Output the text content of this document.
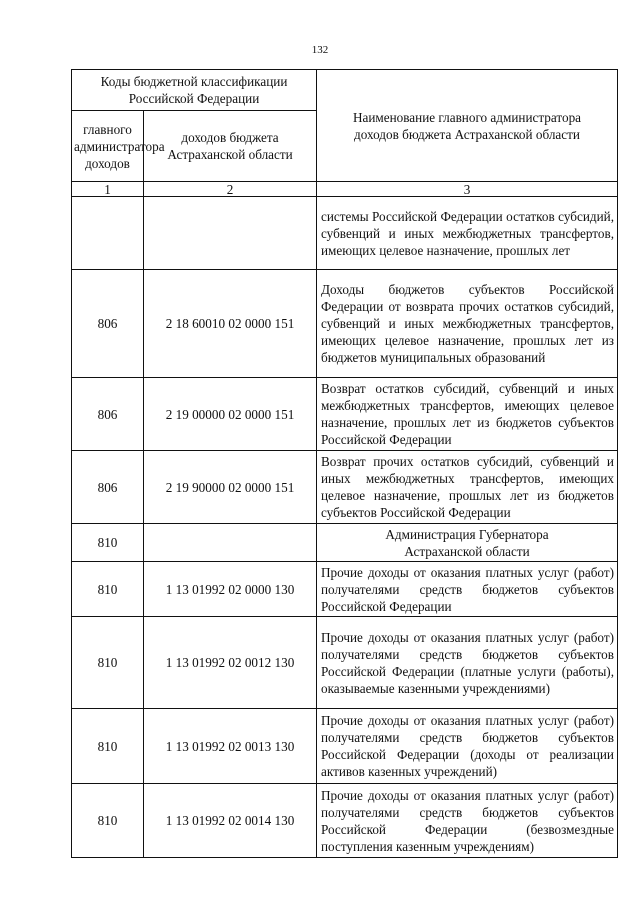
132
Коды бюджетной классификации Российской Федерации		Наименование главного администратора доходов бюджета Астраханской области
главного администратора доходов	доходов бюджета Астраханской области	
1	2	3
		системы Российской Федерации остатков субсидий, субвенций и иных межбюджетных трансфертов, имеющих целевое назначение, прошлых лет
806	2 18 60010 02 0000 151	Доходы бюджетов субъектов Российской Федерации от возврата прочих остатков субсидий, субвенций и иных межбюджетных трансфертов, имеющих целевое назначение, прошлых лет из бюджетов муниципальных образований
806	2 19 00000 02 0000 151	Возврат остатков субсидий, субвенций и иных межбюджетных трансфертов, имеющих целевое назначение, прошлых лет из бюджетов субъектов Российской Федерации
806	2 19 90000 02 0000 151	Возврат прочих остатков субсидий, субвенций и иных межбюджетных трансфертов, имеющих целевое назначение, прошлых лет из бюджетов субъектов Российской Федерации
810		Администрация Губернатора Астраханской области
810	1 13 01992 02 0000 130	Прочие доходы от оказания платных услуг (работ) получателями средств бюджетов субъектов Российской Федерации
810	1 13 01992 02 0012 130	Прочие доходы от оказания платных услуг (работ) получателями средств бюджетов субъектов Российской Федерации (платные услуги (работы), оказываемые казенными учреждениями)
810	1 13 01992 02 0013 130	Прочие доходы от оказания платных услуг (работ) получателями средств бюджетов субъектов Российской Федерации (доходы от реализации активов казенных учреждений)
810	1 13 01992 02 0014 130	Прочие доходы от оказания платных услуг (работ) получателями средств бюджетов субъектов Российской Федерации (безвозмездные поступления казенным учреждениям)
